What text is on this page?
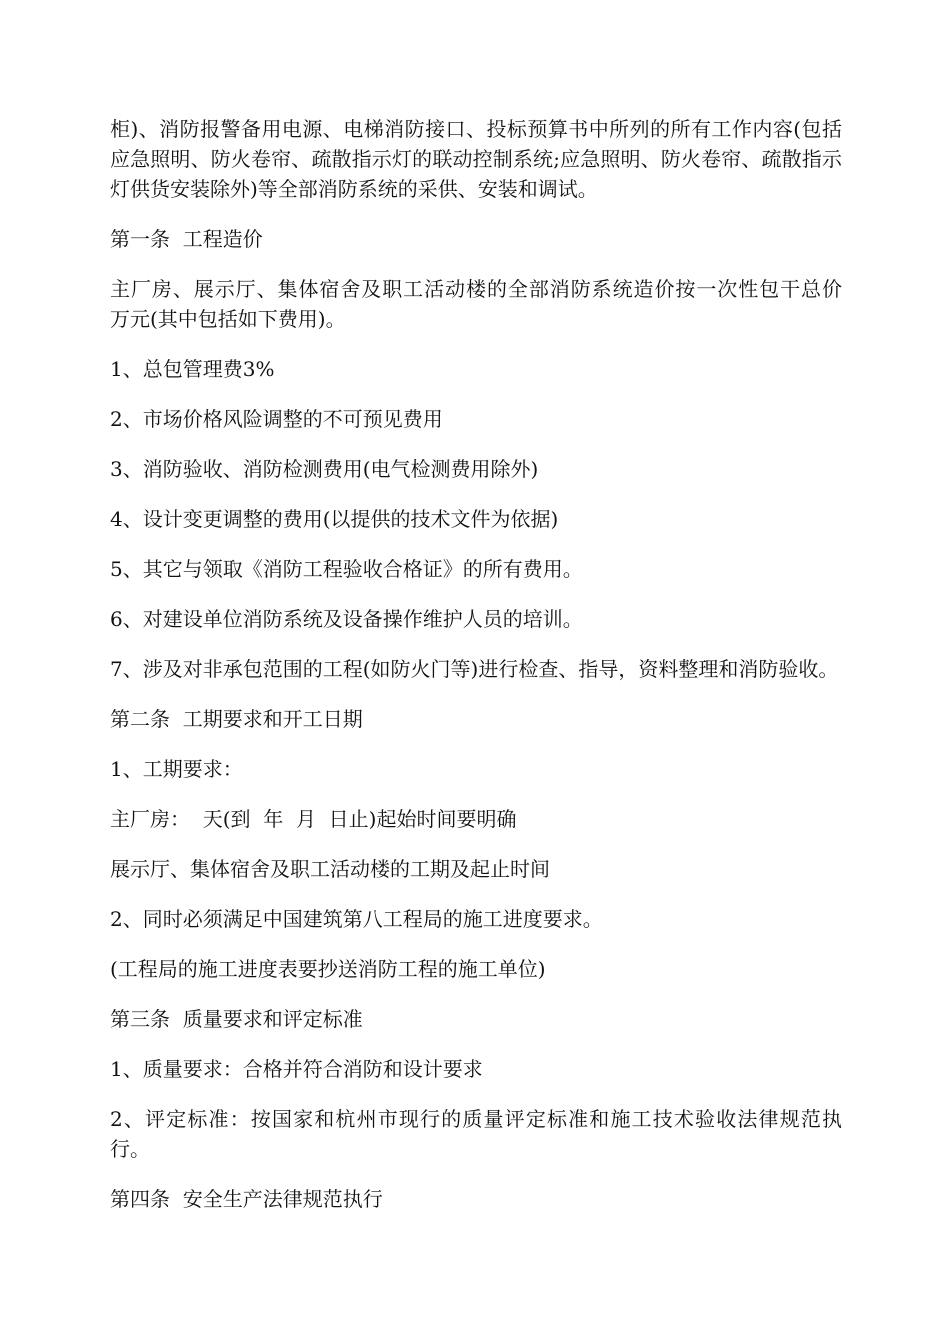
柜)、消防报警备用电源、电梯消防接口、投标预算书中所列的所有工作内容(包括应急照明、防火卷帘、疏散指示灯的联动控制系统;应急照明、防火卷帘、疏散指示灯供货安装除外)等全部消防系统的采供、安装和调试。

第一条  工程造价

主厂房、展示厅、集体宿舍及职工活动楼的全部消防系统造价按一次性包干总价  万元(其中包括如下费用)。

1、总包管理费3%

2、市场价格风险调整的不可预见费用

3、消防验收、消防检测费用(电气检测费用除外)

4、设计变更调整的费用(以提供的技术文件为依据)

5、其它与领取《消防工程验收合格证》的所有费用。

6、对建设单位消防系统及设备操作维护人员的培训。

7、涉及对非承包范围的工程(如防火门等)进行检查、指导，资料整理和消防验收。

第二条  工期要求和开工日期

1、工期要求：

主厂房：  天(到  年  月  日止)起始时间要明确

展示厅、集体宿舍及职工活动楼的工期及起止时间

2、同时必须满足中国建筑第八工程局的施工进度要求。

(工程局的施工进度表要抄送消防工程的施工单位)

第三条  质量要求和评定标准

1、质量要求：合格并符合消防和设计要求

2、评定标准：按国家和杭州市现行的质量评定标准和施工技术验收法律规范执行。

第四条  安全生产法律规范执行
